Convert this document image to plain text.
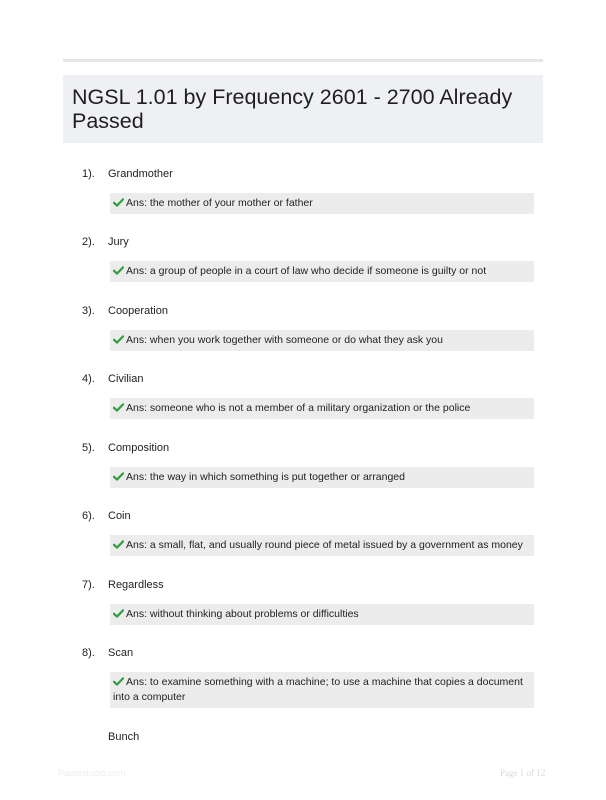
NGSL 1.01 by Frequency 2601 - 2700 Already Passed
1). Grandmother
Ans: the mother of your mother or father
2). Jury
Ans: a group of people in a court of law who decide if someone is guilty or not
3). Cooperation
Ans: when you work together with someone or do what they ask you
4). Civilian
Ans: someone who is not a member of a military organization or the police
5). Composition
Ans: the way in which something is put together or arranged
6). Coin
Ans: a small, flat, and usually round piece of metal issued by a government as money
7). Regardless
Ans: without thinking about problems or difficulties
8). Scan
Ans: to examine something with a machine; to use a machine that copies a document into a computer
Bunch
Paperstudio.com	Page 1 of 12
